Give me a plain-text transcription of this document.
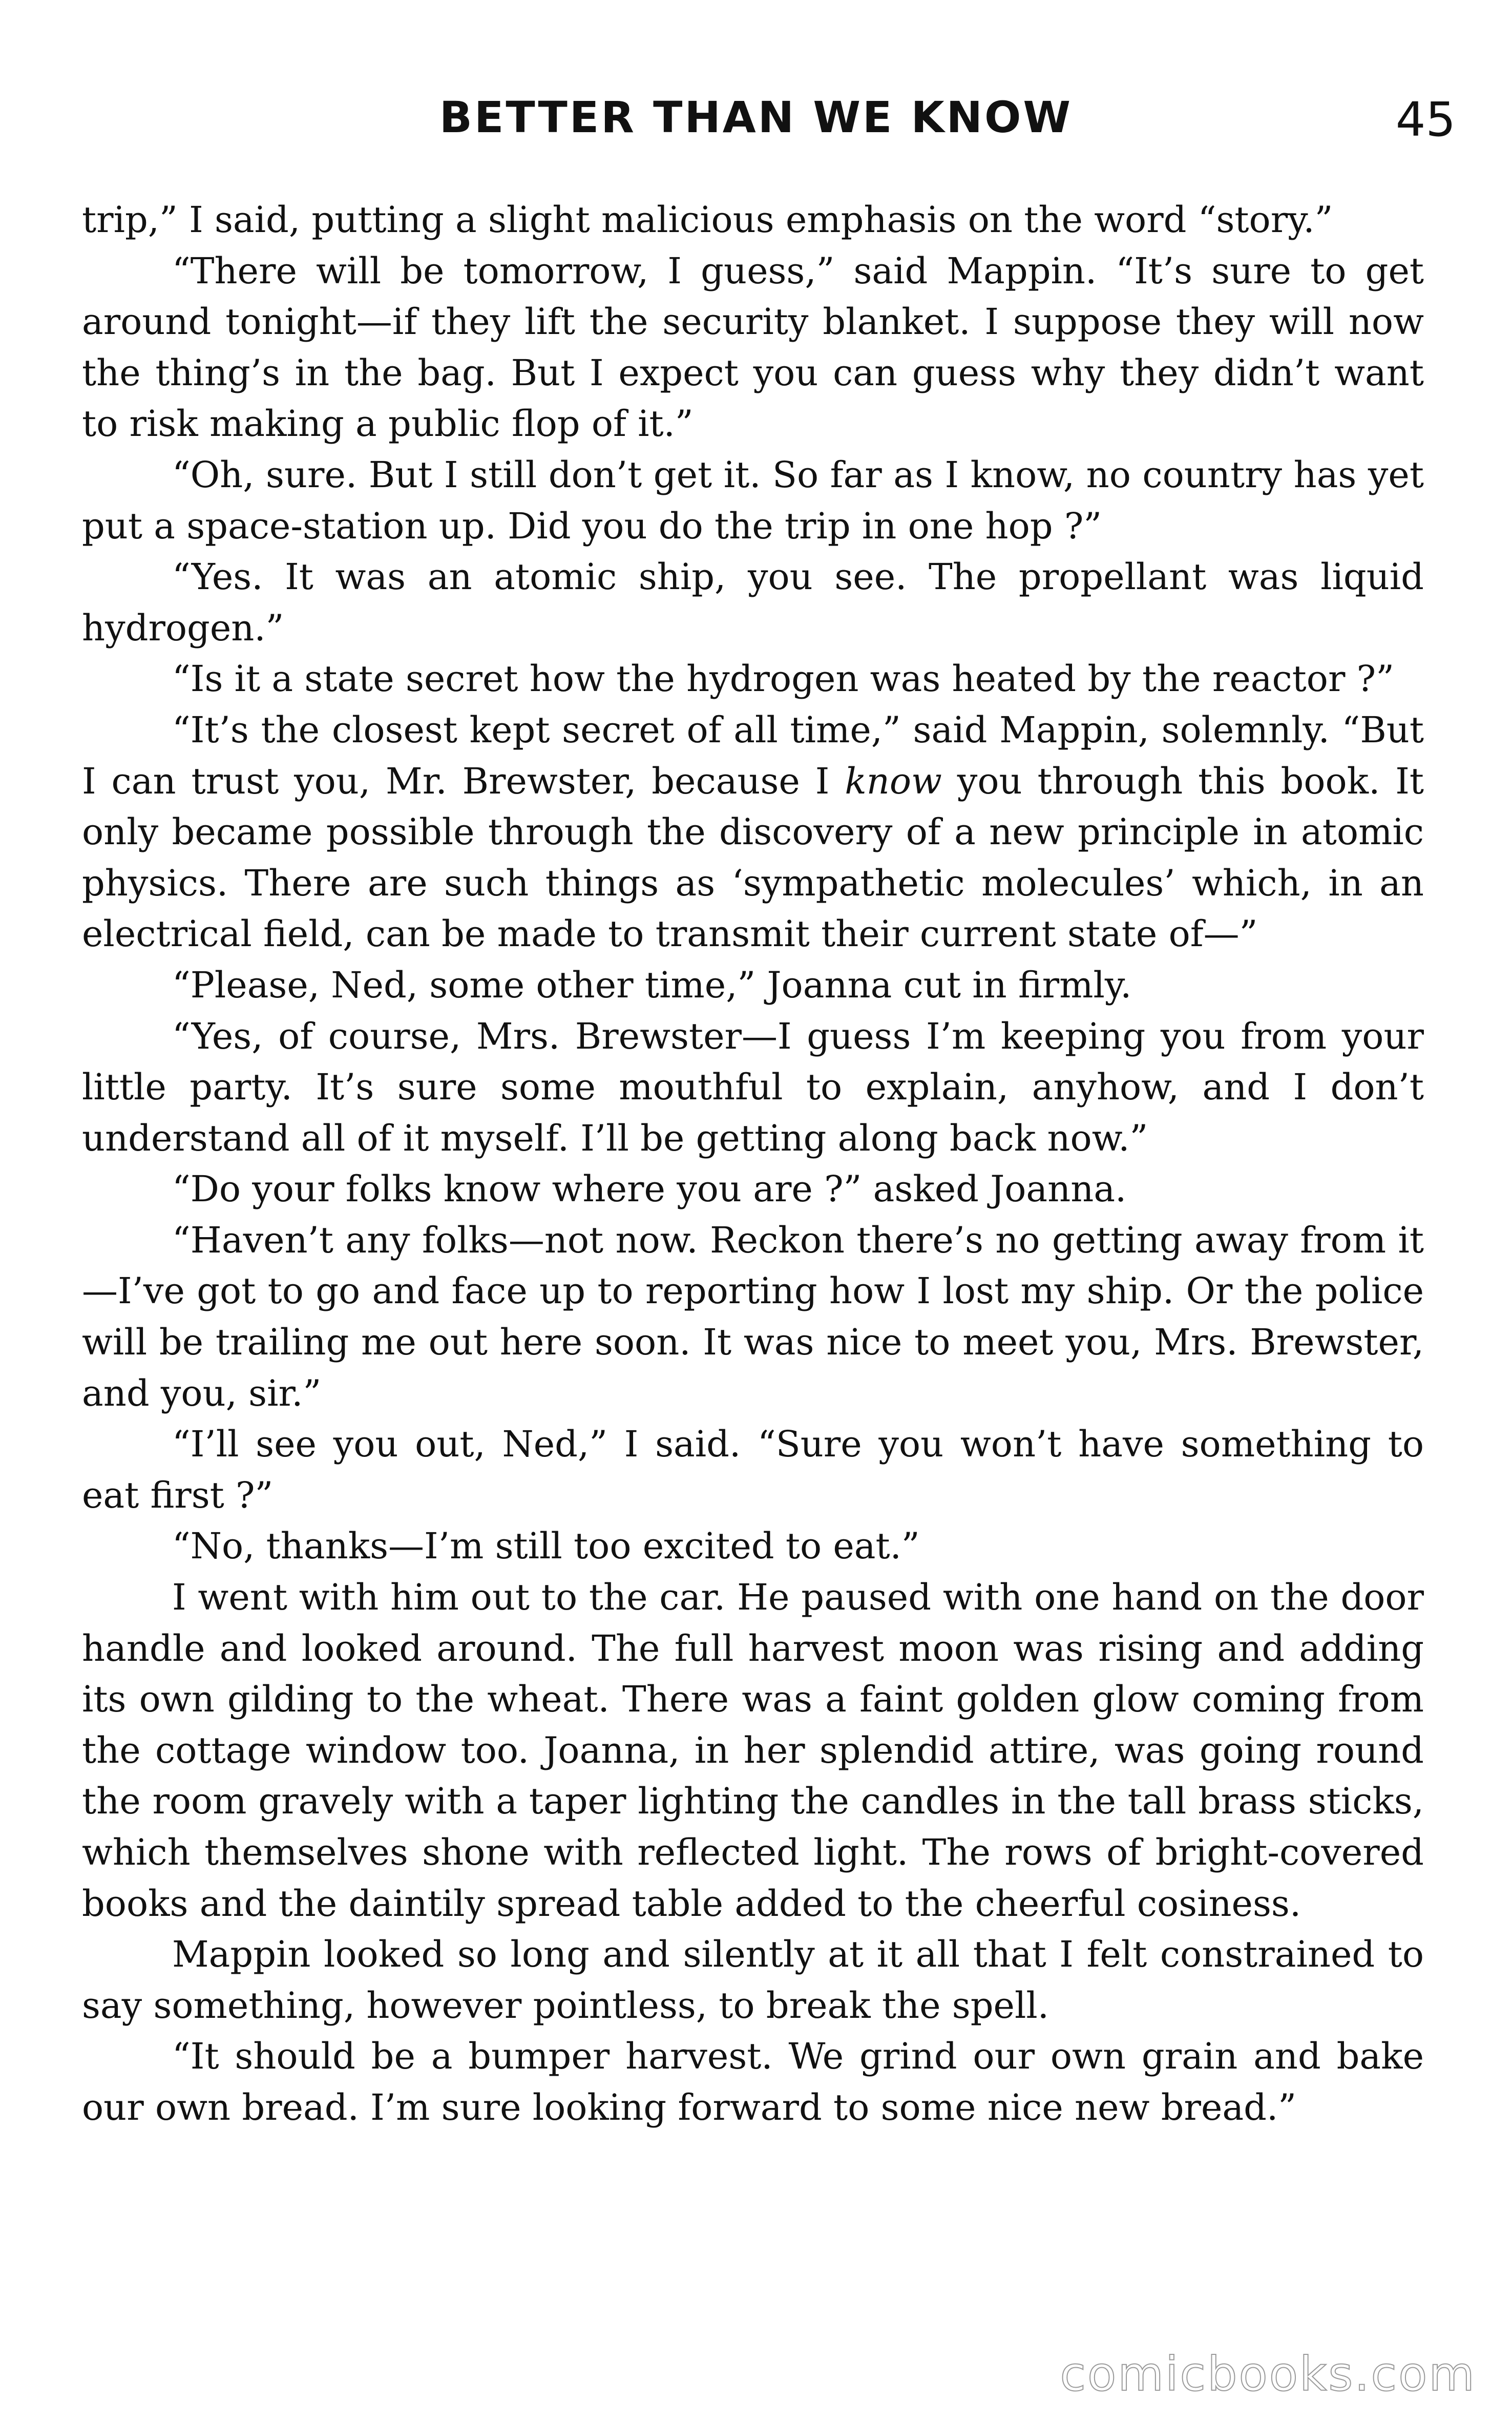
BETTER THAN WE KNOW	45

trip,” I said, putting a slight malicious emphasis on the word “story.”

“There will be tomorrow, I guess,” said Mappin. “It’s sure to get around tonight—if they lift the security blanket. I suppose they will now the thing’s in the bag. But I expect you can guess why they didn’t want to risk making a public flop of it.”

“Oh, sure. But I still don’t get it. So far as I know, no country has yet put a space-station up. Did you do the trip in one hop ?”

“Yes. It was an atomic ship, you see. The propellant was liquid hydrogen.”

“Is it a state secret how the hydrogen was heated by the reactor ?”

“It’s the closest kept secret of all time,” said Mappin, solemnly. “But I can trust you, Mr. Brewster, because I know you through this book. It only became possible through the discovery of a new principle in atomic physics. There are such things as ‘sympathetic molecules’ which, in an electrical field, can be made to transmit their current state of—”

“Please, Ned, some other time,” Joanna cut in firmly.

“Yes, of course, Mrs. Brewster—I guess I’m keeping you from your little party. It’s sure some mouthful to explain, anyhow, and I don’t understand all of it myself. I’ll be getting along back now.”

“Do your folks know where you are ?” asked Joanna.

“Haven’t any folks—not now. Reckon there’s no getting away from it—I’ve got to go and face up to reporting how I lost my ship. Or the police will be trailing me out here soon. It was nice to meet you, Mrs. Brewster, and you, sir.”

“I’ll see you out, Ned,” I said. “Sure you won’t have something to eat first ?”

“No, thanks—I’m still too excited to eat.”

I went with him out to the car. He paused with one hand on the door handle and looked around. The full harvest moon was rising and adding its own gilding to the wheat. There was a faint golden glow coming from the cottage window too. Joanna, in her splendid attire, was going round the room gravely with a taper lighting the candles in the tall brass sticks, which themselves shone with reflected light. The rows of bright-covered books and the daintily spread table added to the cheerful cosiness.

Mappin looked so long and silently at it all that I felt constrained to say something, however pointless, to break the spell.

“It should be a bumper harvest. We grind our own grain and bake our own bread. I’m sure looking forward to some nice new bread.”

comicbooks.com
